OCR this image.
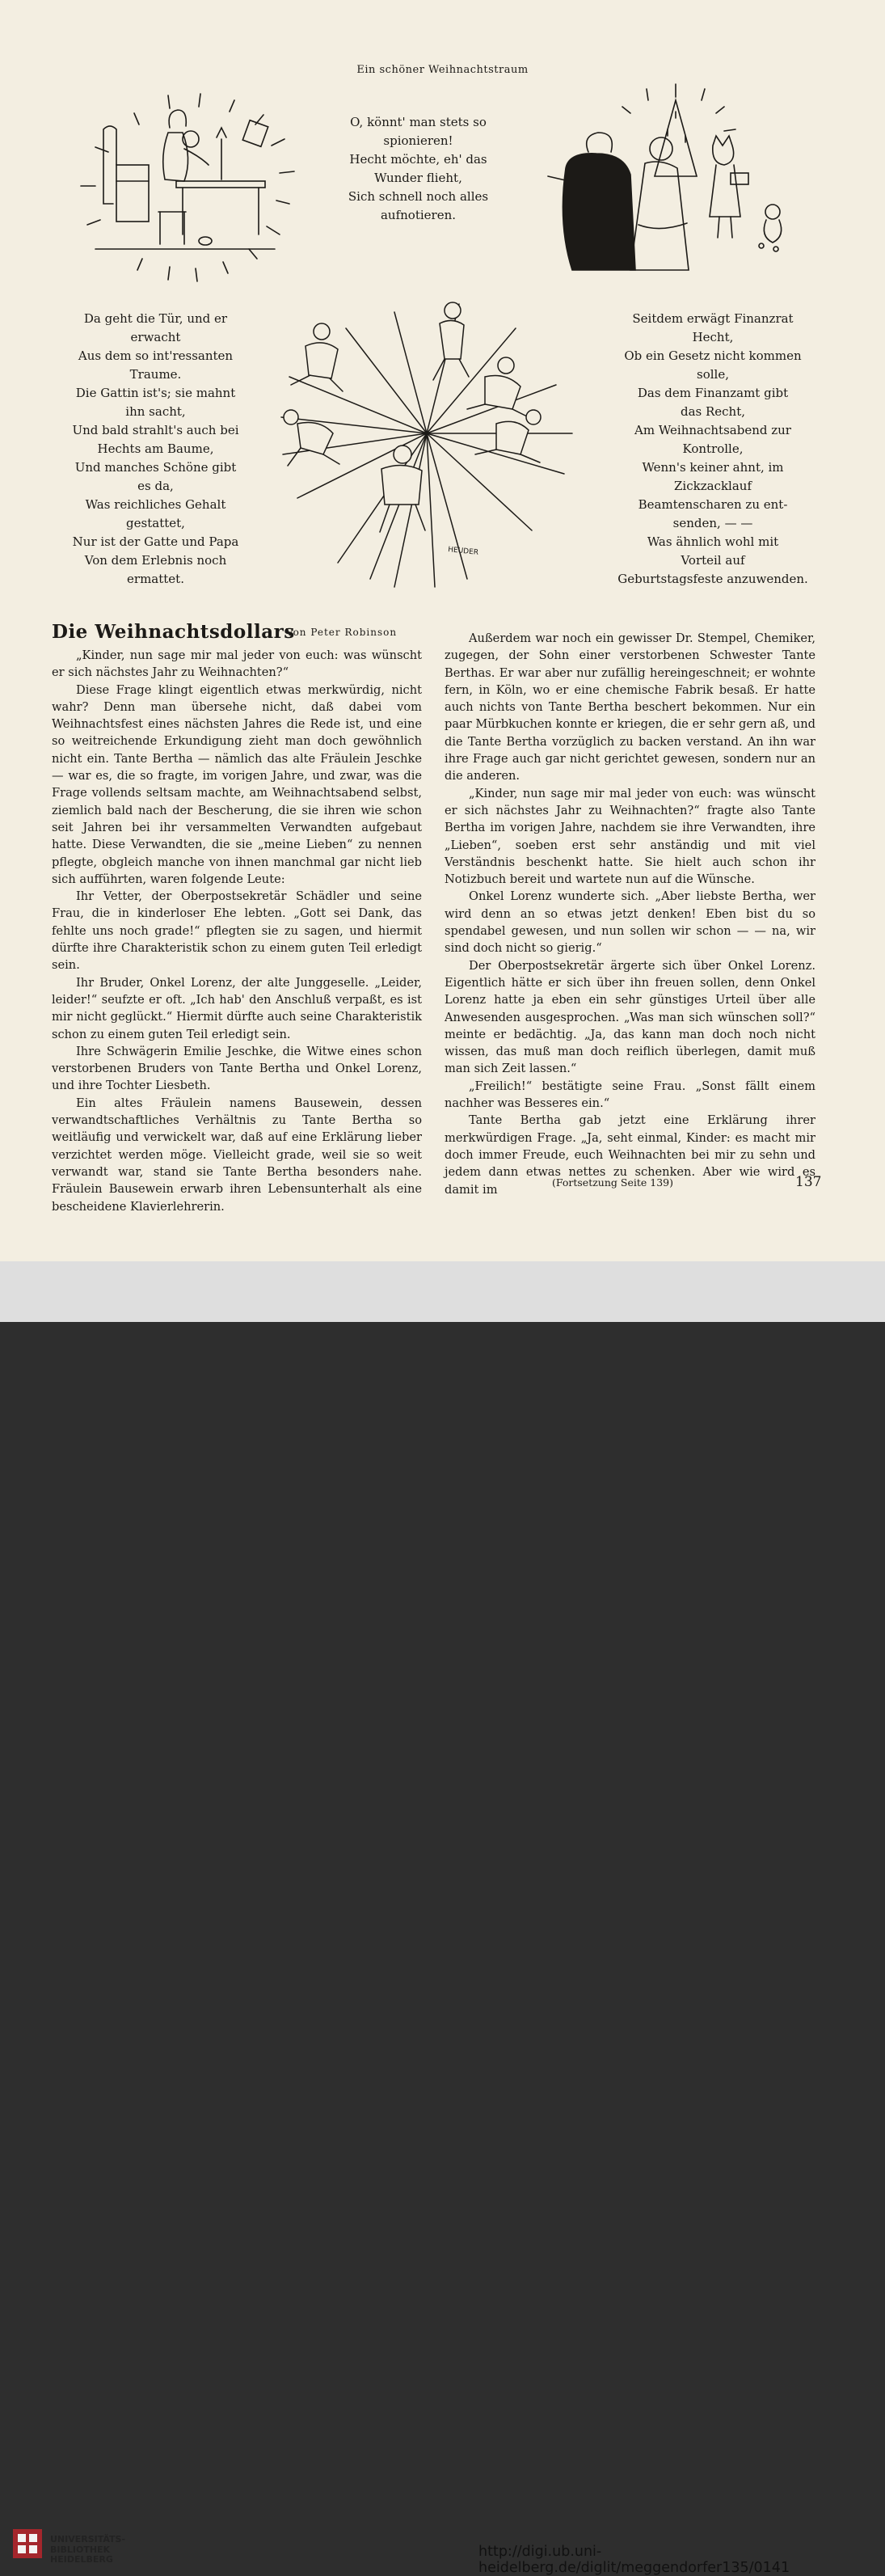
Ein schöner Weihnachtstraum
O, könnt' man stets so
spionieren!
Hecht möchte, eh' das
Wunder flieht,
Sich schnell noch alles
aufnotieren.
Da geht die Tür, und er
erwacht
Aus dem so int'ressanten
Traume.
Die Gattin ist's; sie mahnt
ihn sacht,
Und bald strahlt's auch bei
Hechts am Baume,
Und manches Schöne gibt
es da,
Was reichliches Gehalt
gestattet,
Nur ist der Gatte und Papa
Von dem Erlebnis noch
ermattet.
HEUDER
Seitdem erwägt Finanzrat
Hecht,
Ob ein Gesetz nicht kommen
solle,
Das dem Finanzamt gibt
das Recht,
Am Weihnachtsabend zur
Kontrolle,
Wenn's keiner ahnt, im
Zickzacklauf
Beamtenscharen zu ent-
senden, — —
Was ähnlich wohl mit
Vorteil auf
Geburtstagsfeste anzuwenden.
Die Weihnachtsdollars
Von Peter Robinson

„Kinder, nun sage mir mal jeder von euch: was wünscht er sich nächstes Jahr zu Weihnachten?“

Diese Frage klingt eigentlich etwas merkwürdig, nicht wahr? Denn man übersehe nicht, daß dabei vom Weihnachtsfest eines nächsten Jahres die Rede ist, und eine so weitreichende Erkundigung zieht man doch gewöhnlich nicht ein. Tante Bertha — nämlich das alte Fräulein Jeschke — war es, die so fragte, im vorigen Jahre, und zwar, was die Frage vollends seltsam machte, am Weihnachtsabend selbst, ziemlich bald nach der Bescherung, die sie ihren wie schon seit Jahren bei ihr versammelten Verwandten aufgebaut hatte. Diese Verwandten, die sie „meine Lieben“ zu nennen pflegte, obgleich manche von ihnen manchmal gar nicht lieb sich aufführten, waren folgende Leute:

Ihr Vetter, der Oberpostsekretär Schädler und seine Frau, die in kinderloser Ehe lebten. „Gott sei Dank, das fehlte uns noch grade!“ pflegten sie zu sagen, und hiermit dürfte ihre Charakteristik schon zu einem guten Teil erledigt sein.

Ihr Bruder, Onkel Lorenz, der alte Junggeselle. „Leider, leider!“ seufzte er oft. „Ich hab' den Anschluß verpaßt, es ist mir nicht geglückt.“ Hiermit dürfte auch seine Charakteristik schon zu einem guten Teil erledigt sein.

Ihre Schwägerin Emilie Jeschke, die Witwe eines schon verstorbenen Bruders von Tante Bertha und Onkel Lorenz, und ihre Tochter Liesbeth.

Ein altes Fräulein namens Bausewein, dessen verwandtschaftliches Verhältnis zu Tante Bertha so weitläufig und verwickelt war, daß auf eine Erklärung lieber verzichtet werden möge. Vielleicht grade, weil sie so weit verwandt war, stand sie Tante Bertha besonders nahe. Fräulein Bausewein erwarb ihren Lebensunterhalt als eine bescheidene Klavierlehrerin.

Außerdem war noch ein gewisser Dr. Stempel, Chemiker, zugegen, der Sohn einer verstorbenen Schwester Tante Berthas. Er war aber nur zufällig hereingeschneit; er wohnte fern, in Köln, wo er eine chemische Fabrik besaß. Er hatte auch nichts von Tante Bertha beschert bekommen. Nur ein paar Mürbkuchen konnte er kriegen, die er sehr gern aß, und die Tante Bertha vorzüglich zu backen verstand. An ihn war ihre Frage auch gar nicht gerichtet gewesen, sondern nur an die anderen.

„Kinder, nun sage mir mal jeder von euch: was wünscht er sich nächstes Jahr zu Weihnachten?“ fragte also Tante Bertha im vorigen Jahre, nachdem sie ihre Verwandten, ihre „Lieben“, soeben erst sehr anständig und mit viel Verständnis beschenkt hatte. Sie hielt auch schon ihr Notizbuch bereit und wartete nun auf die Wünsche.

Onkel Lorenz wunderte sich. „Aber liebste Bertha, wer wird denn an so etwas jetzt denken! Eben bist du so spendabel gewesen, und nun sollen wir schon — — na, wir sind doch nicht so gierig.“

Der Oberpostsekretär ärgerte sich über Onkel Lorenz. Eigentlich hätte er sich über ihn freuen sollen, denn Onkel Lorenz hatte ja eben ein sehr günstiges Urteil über alle Anwesenden ausgesprochen. „Was man sich wünschen soll?“ meinte er bedächtig. „Ja, das kann man doch noch nicht wissen, das muß man doch reiflich überlegen, damit muß man sich Zeit lassen.“

„Freilich!“ bestätigte seine Frau. „Sonst fällt einem nachher was Besseres ein.“

Tante Bertha gab jetzt eine Erklärung ihrer merkwürdigen Frage. „Ja, seht einmal, Kinder: es macht mir doch immer Freude, euch Weihnachten bei mir zu sehn und jedem dann etwas nettes zu schenken. Aber wie wird es damit im	(Fortsetzung Seite 139)	137
UNIVERSITÄTS-
BIBLIOTHEK
HEIDELBERG	http://digi.ub.uni-heidelberg.de/diglit/meggendorfer135/0141
